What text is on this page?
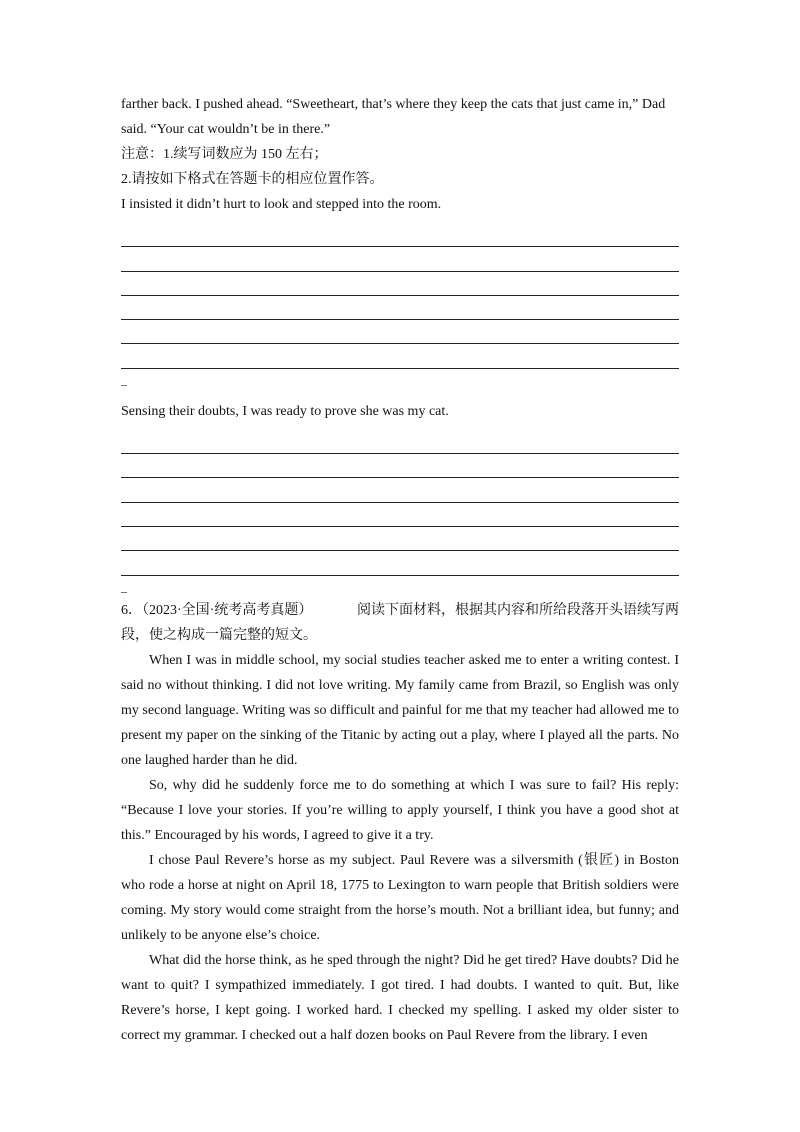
farther back. I pushed ahead. “Sweetheart, that’s where they keep the cats that just came in,” Dad

said. “Your cat wouldn’t be in there.”

注意：1.续写词数应为 150 左右；

2.请按如下格式在答题卡的相应位置作答。

I insisted it didn’t hurt to look and stepped into the room.

_

Sensing their doubts, I was ready to prove she was my cat.

_
6．（2023·全国·统考高考真题）	阅读下面材料，根据其内容和所给段落开头语续写两

段，使之构成一篇完整的短文。

When I was in middle school, my social studies teacher asked me to enter a writing contest. I said no without thinking. I did not love writing. My family came from Brazil, so English was only my second language. Writing was so difficult and painful for me that my teacher had allowed me to present my paper on the sinking of the Titanic by acting out a play, where I played all the parts. No one laughed harder than he did.

So, why did he suddenly force me to do something at which I was sure to fail? His reply: “Because I love your stories. If you’re willing to apply yourself, I think you have a good shot at this.” Encouraged by his words, I agreed to give it a try.

I chose Paul Revere’s horse as my subject. Paul Revere was a silversmith (银匠) in Boston who rode a horse at night on April 18, 1775 to Lexington to warn people that British soldiers were coming. My story would come straight from the horse’s mouth. Not a brilliant idea, but funny; and unlikely to be anyone else’s choice.

What did the horse think, as he sped through the night? Did he get tired? Have doubts? Did he want to quit? I sympathized immediately. I got tired. I had doubts. I wanted to quit. But, like Revere’s horse, I kept going. I worked hard. I checked my spelling. I asked my older sister to correct my grammar. I checked out a half dozen books on Paul Revere from the library. I even
